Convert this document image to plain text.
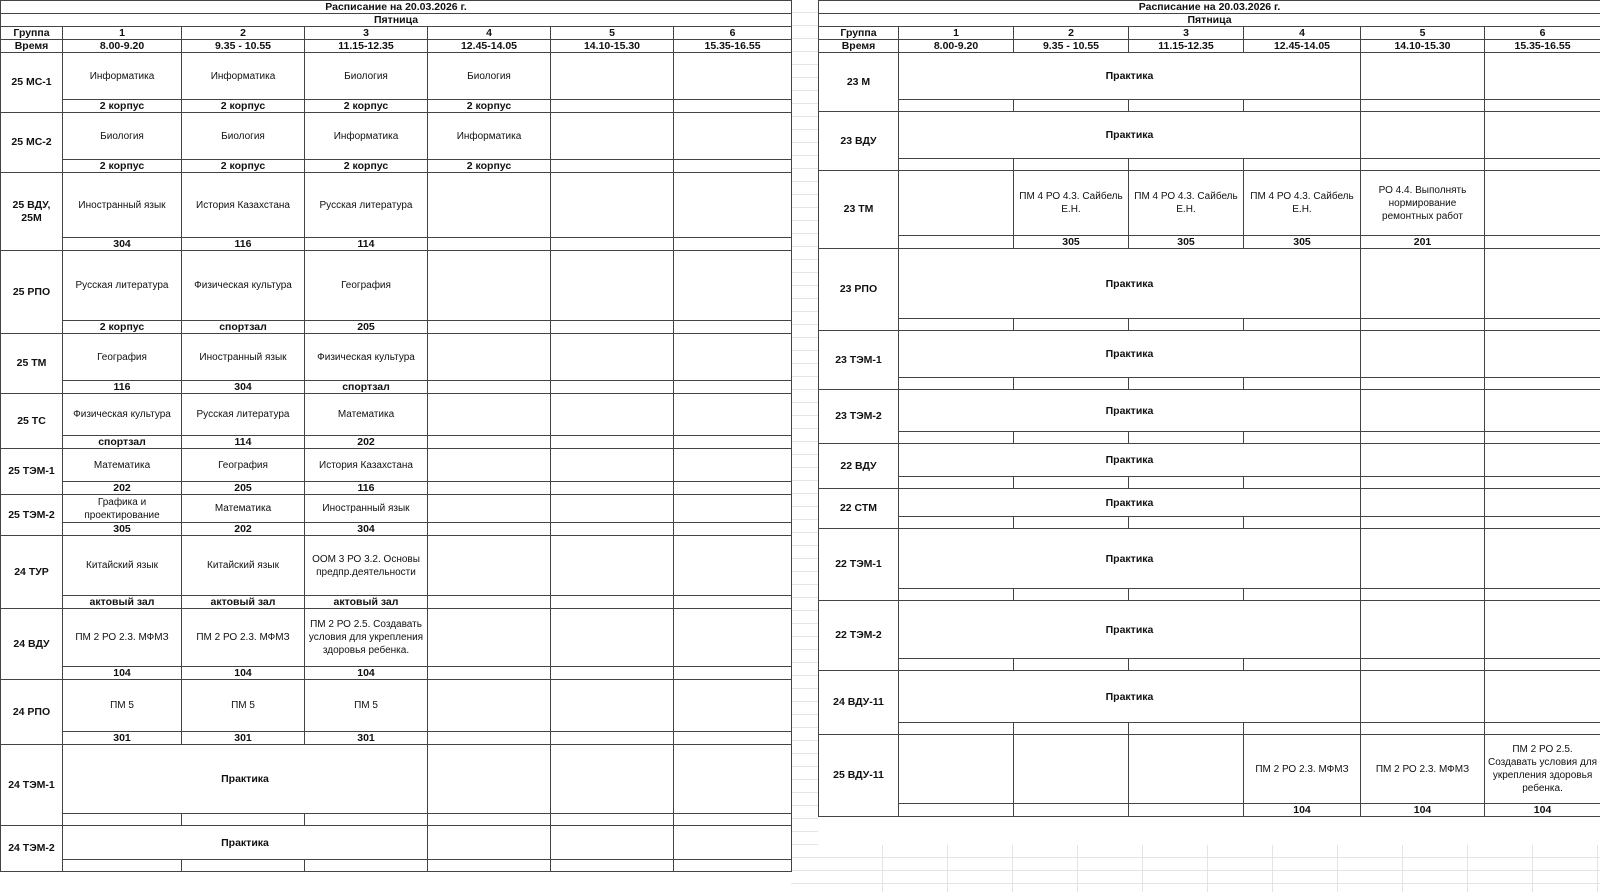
Расписание на 20.03.2026 г.						
Пятница						
Группа	1	2	3	4	5	6
Время	8.00-9.20	9.35 - 10.55	11.15-12.35	12.45-14.05	14.10-15.30	15.35-16.55
25 МС-1	Информатика	Информатика	Биология	Биология		
	2 корпус	2 корпус	2 корпус	2 корпус		
25 МС-2	Биология	Биология	Информатика	Информатика		
	2 корпус	2 корпус	2 корпус	2 корпус		
25 ВДУ, 25М	Иностранный язык	История Казахстана	Русская литература			
	304	116	114			
25 РПО	Русская литература	Физическая культура	География			
	2 корпус	спортзал	205			
25 ТМ	География	Иностранный язык	Физическая культура			
	116	304	спортзал			
25 ТС	Физическая культура	Русская литература	Математика			
	спортзал	114	202			
25 ТЭМ-1	Математика	География	История Казахстана			
	202	205	116			
25 ТЭМ-2	Графика и проектирование	Математика	Иностранный язык			
	305	202	304			
24 ТУР	Китайский язык	Китайский язык	ООМ 3 РО 3.2. Основы предпр.деятельности			
	актовый зал	актовый зал	актовый зал			
24 ВДУ	ПМ 2 РО 2.3. МФМЗ	ПМ 2 РО 2.3. МФМЗ	ПМ 2 РО 2.5. Создавать условия для укрепления здоровья ребенка.			
	104	104	104			
24 РПО	ПМ 5	ПМ 5	ПМ 5			
	301	301	301			
24 ТЭМ-1	Практика					

24 ТЭМ-2	Практика					

Расписание на 20.03.2026 г.						
Пятница						
Группа	1	2	3	4	5	6
Время	8.00-9.20	9.35 - 10.55	11.15-12.35	12.45-14.05	14.10-15.30	15.35-16.55
23 М	Практика					

23 ВДУ	Практика					

23 ТМ		ПМ 4 РО 4.3. Сайбель Е.Н.	ПМ 4 РО 4.3. Сайбель Е.Н.	ПМ 4 РО 4.3. Сайбель Е.Н.	РО 4.4. Выполнять нормирование ремонтных работ	
		305	305	305	201	
23 РПО	Практика					

23 ТЭМ-1	Практика					

23 ТЭМ-2	Практика					

22 ВДУ	Практика					

22 СТМ	Практика					

22 ТЭМ-1	Практика					

22 ТЭМ-2	Практика					

24 ВДУ-11	Практика					

25 ВДУ-11				ПМ 2 РО 2.3. МФМЗ	ПМ 2 РО 2.3. МФМЗ	ПМ 2 РО 2.5. Создавать условия для укрепления здоровья ребенка.
				104	104	104
